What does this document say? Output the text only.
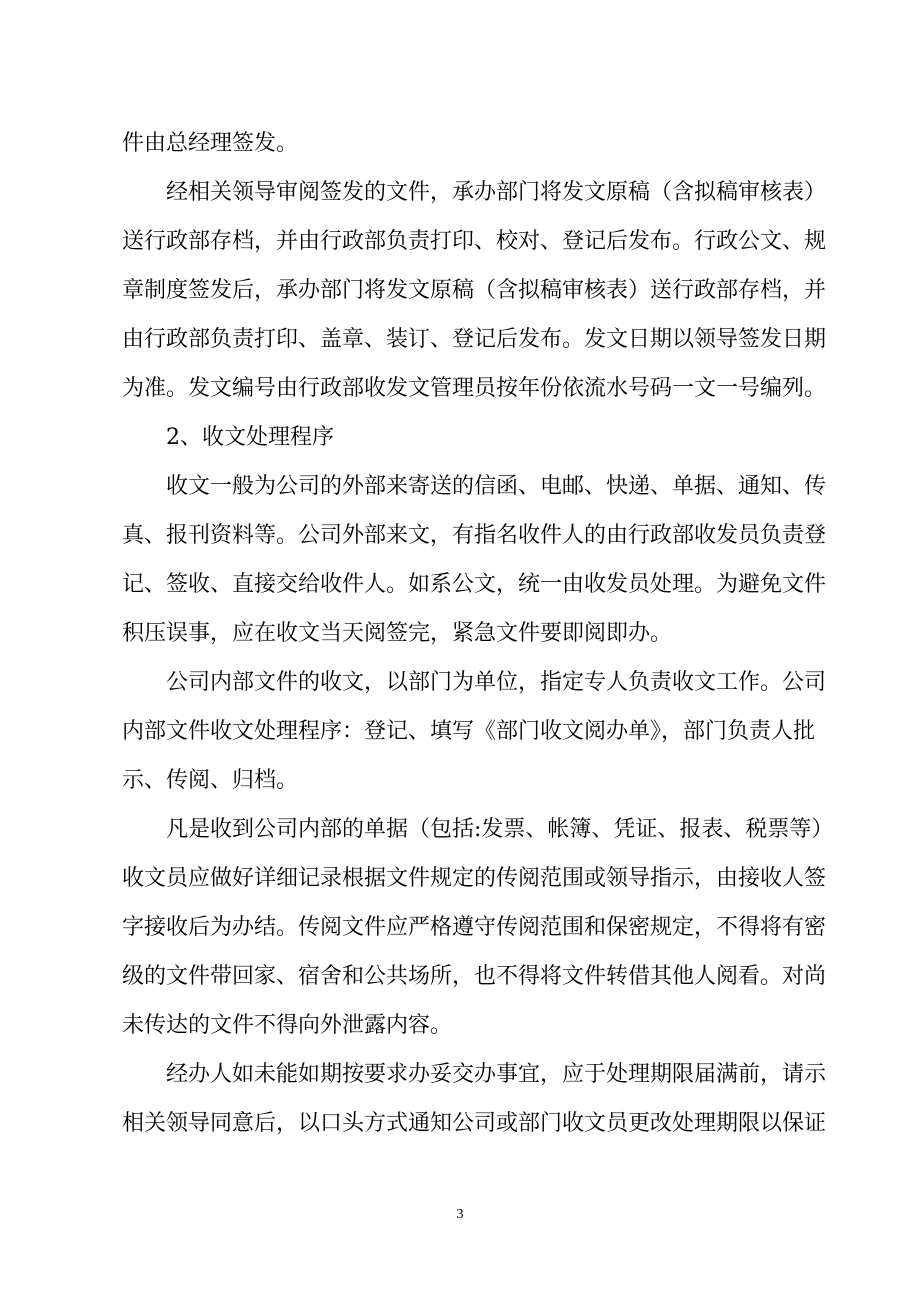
件由总经理签发。
经相关领导审阅签发的文件，承办部门将发文原稿（含拟稿审核表）
送行政部存档，并由行政部负责打印、校对、登记后发布。行政公文、规
章制度签发后，承办部门将发文原稿（含拟稿审核表）送行政部存档，并
由行政部负责打印、盖章、装订、登记后发布。发文日期以领导签发日期
为准。发文编号由行政部收发文管理员按年份依流水号码一文一号编列。
2、收文处理程序
收文一般为公司的外部来寄送的信函、电邮、快递、单据、通知、传
真、报刊资料等。公司外部来文，有指名收件人的由行政部收发员负责登
记、签收、直接交给收件人。如系公文，统一由收发员处理。为避免文件
积压误事，应在收文当天阅签完，紧急文件要即阅即办。
公司内部文件的收文，以部门为单位，指定专人负责收文工作。公司
内部文件收文处理程序：登记、填写《部门收文阅办单》，部门负责人批
示、传阅、归档。
凡是收到公司内部的单据（包括:发票、帐簿、凭证、报表、税票等）
收文员应做好详细记录根据文件规定的传阅范围或领导指示，由接收人签
字接收后为办结。传阅文件应严格遵守传阅范围和保密规定，不得将有密
级的文件带回家、宿舍和公共场所，也不得将文件转借其他人阅看。对尚
未传达的文件不得向外泄露内容。
经办人如未能如期按要求办妥交办事宜，应于处理期限届满前，请示
相关领导同意后，以口头方式通知公司或部门收文员更改处理期限以保证
3
